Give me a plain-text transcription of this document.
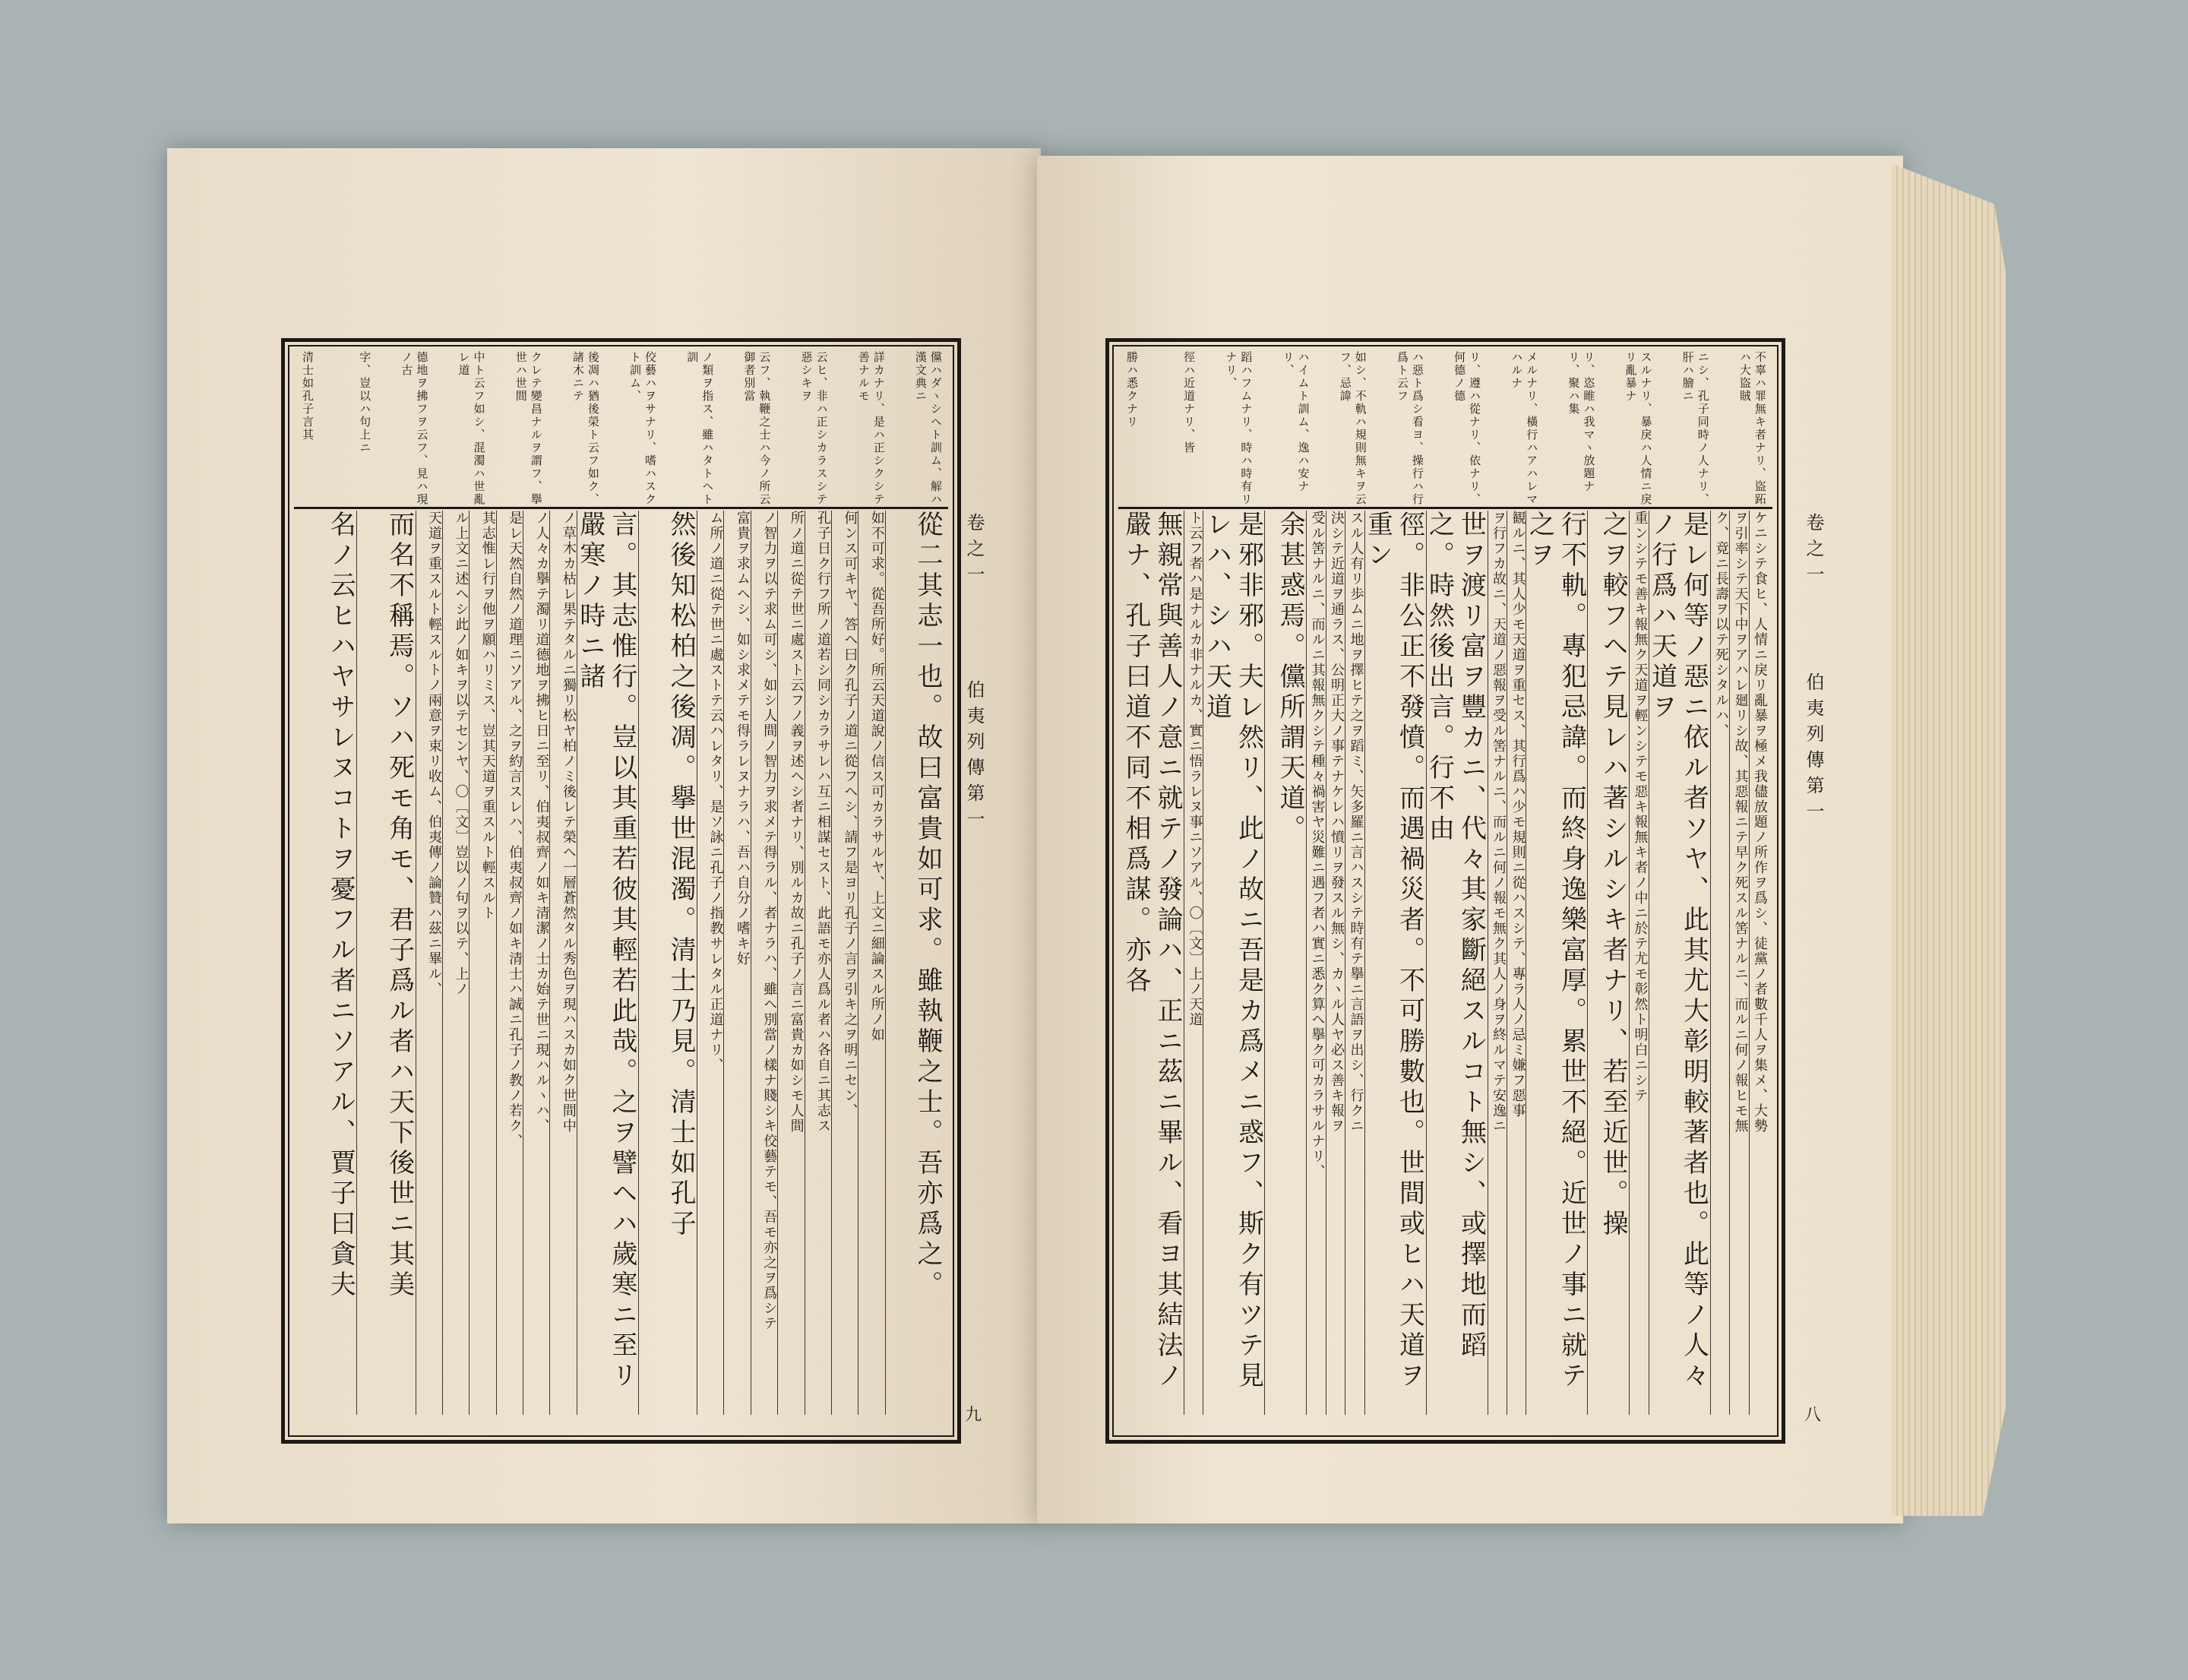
卷之一
伯夷列傳第一
九
儻ハダヽシヘト訓ム、解ハ漢文典ニ
詳カナリ、是ハ正シクシテ善ナルモ
云ヒ、非ハ正シカラスシテ惡シキヲ
云フ、執鞭之士ハ今ノ所云御者別當
ノ類ヲ指ス、雖ハタトヘト訓
佼藝ハヲサナリ、嗜ハスクト訓ム、
後凋ハ猶後榮ト云フ如ク、諸木ニテ
クレテ變昌ナルヲ謂フ、擧世ハ世間
中ト云フ如シ、混濁ハ世亂レ道
德地ヲ拂フヲ云フ、見ハ現ノ古
字、豈以ハ句上ニ
清士如孔子言其
從二其志一也。故曰富貴如可求。雖執鞭之士。吾亦爲之。
如不可求。從吾所好。所云天道說ノ信ス可カラサルヤ、上文ニ細論スル所ノ如
何ンス可キヤ、答ヘ曰ク孔子ノ道ニ從フヘシ、請フ是ヨリ孔子ノ言ヲ引キ之ヲ明ニセン、
孔子日ク行フ所ノ道若シ同シカラサレハ互ニ相謀セスト、此語モ亦人爲ル者ハ各自ニ其志ス
所ノ道ニ從テ世ニ處スト云フノ義ヲ述ヘシ者ナリ、別ルカ故ニ孔子ノ言ニ富貴カ如シモ人間
ノ智力ヲ以テ求ム可シ、如シ人間ノ智力ヲ求メテ得ラル、者ナラハ、雖ヘ別當ノ樣ナ賤シキ佼藝テモ、吾モ亦之ヲ爲シテ
富貴ヲ求ムヘシ、如シ求メテモ得ラレヌナラハ、吾ハ自分ノ嗜キ好
ム所ノ道ニ從テ世ニ處ストテ云ハレタリ、是ソ詠ニ孔子ノ指教サレタル正道ナリ、
然後知松柏之後凋。擧世混濁。清士乃見。清士如孔子
言。其志惟行。豈以其重若彼其輕若此哉。之ヲ譬ヘハ歲寒ニ至リ嚴寒ノ時ニ諸
ノ草木カ枯レ果テタルニ獨リ松ヤ柏ノミ後レテ榮ヘ一層蒼然タル秀色ヲ現ハスカ如ク世間中
ノ人々カ擧テ濁リ道德地ヲ拂ヒ日ニ至リ、伯夷叔齊ノ如キ清潔ノ士カ始テ世ニ現ハルヽハ、
是レ天然自然ノ道理ニソアル、之ヲ約言スレハ、伯夷叔齊ノ如キ清士ハ誠ニ孔子ノ教ノ若ク、
其志惟レ行ヲ他ヲ願ハリミス、豈其天道ヲ重スルト輕スルト
ル上文ニ述ヘシ此ノ如キヲ以テセンヤ、〇〔文〕豈以ノ句ヲ以テ、上ノ
天道ヲ重スルト輕スルトノ兩意ヲ束リ收ム、伯夷傳ノ論贊ハ茲ニ畢ル、
而名不稱焉。ソハ死モ角モ、君子爲ル者ハ天下後世ニ其美
名ノ云ヒハヤサレヌコトヲ憂フル者ニソアル、賈子曰貪夫	卷之一
伯夷列傳第一
八
不辜ハ罪無キ者ナリ、盜跖ハ大盜賊
ニシ、孔子同時ノ人ナリ、肝ハ膾ニ
スルナリ、暴戾ハ人情ニ戾リ亂暴ナ
リ、恣睢ハ我マヽ放題ナリ、聚ハ集
メルナリ、橫行ハアハレマハルナ
リ、遵ハ從ナリ、依ナリ、何德ノ德
ハ惡ト爲シ看ヨ、操行ハ行爲ト云フ
如シ、不軌ハ規則無キヲ云フ、忌諱
ハイムト訓ム、逸ハ安ナリ、
蹈ハフムナリ、時ハ時有リナリ、
徑ハ近道ナリ、皆
勝ハ悉クナリ
ケニシテ食ヒ、人情ニ戾リ亂暴ヲ極メ我儘放題ノ所作ヲ爲シ、徒黨ノ者數千人ヲ集メ、大勢
ヲ引率シテ天下中ヲアハレ廻リシ故、其惡報ニテ早ク死スル筈ナルニ、而ルニ何ノ報ヒモ無
ク、竟ニ長壽ヲ以テ死シタルハ、
是レ何等ノ惡ニ依ル者ソヤ、此其尤大彰明較著者也。此等ノ人々ノ行爲ハ天道ヲ
重ンシテモ善キ報無ク天道ヲ輕ンシテモ惡キ報無キ者ノ中ニ於テ尤モ彰然ト明白ニシテ
之ヲ較フヘテ見レハ著シルシキ者ナリ、若至近世。操
行不軌。專犯忌諱。而終身逸樂富厚。累世不絕。近世ノ事ニ就テ之ヲ
観ルニ、其人少モ天道ヲ重セス、其行爲ハ少モ規則ニ從ハスシテ、專ラ人ノ忌ミ嫌フ惡事
ヲ行フカ故ニ、天道ノ惡報ヲ受ル筈ナルニ、而ルニ何ノ報モ無ク其人ノ身ヲ終ルマテ安逸ニ
世ヲ渡リ富ヲ豐カニ、代々其家斷絕スルコト無シ、或擇地而蹈之。時然後出言。行不由
徑。非公正不發憤。而遇禍災者。不可勝數也。世間或ヒハ天道ヲ重ン
スル人有リ歩ムニ地ヲ擇ヒテ之ヲ蹈ミ、矢多羅ニ言ハスシテ時有テ擧ニ言語ヲ出シ、行クニ
決シテ近道ヲ通ラス、公明正大ノ事テナケレハ憤リヲ發スル無シ、カヽル人ヤ必ス善キ報ヲ
受ル筈ナルニ、而ルニ其報無クシテ種々禍害ヤ災難ニ遇フ者ハ實ニ悉ク算ヘ擧ク可カラサルナリ、
余甚惑焉。儻所謂天道。
是邪非邪。夫レ然リ、此ノ故ニ吾是カ爲メニ惑フ、斯ク有ツテ見レハ、シハ天道
ト云フ者ハ是ナルカ非ナルカ、實ニ悟ラレヌ事ニソアル、〇〔文〕上ノ天道
無親常與善人ノ意ニ就テノ發論ハ、正ニ茲ニ畢ル、看ヨ其結法ノ嚴ナ、孔子曰道不同不相爲謀。亦各
